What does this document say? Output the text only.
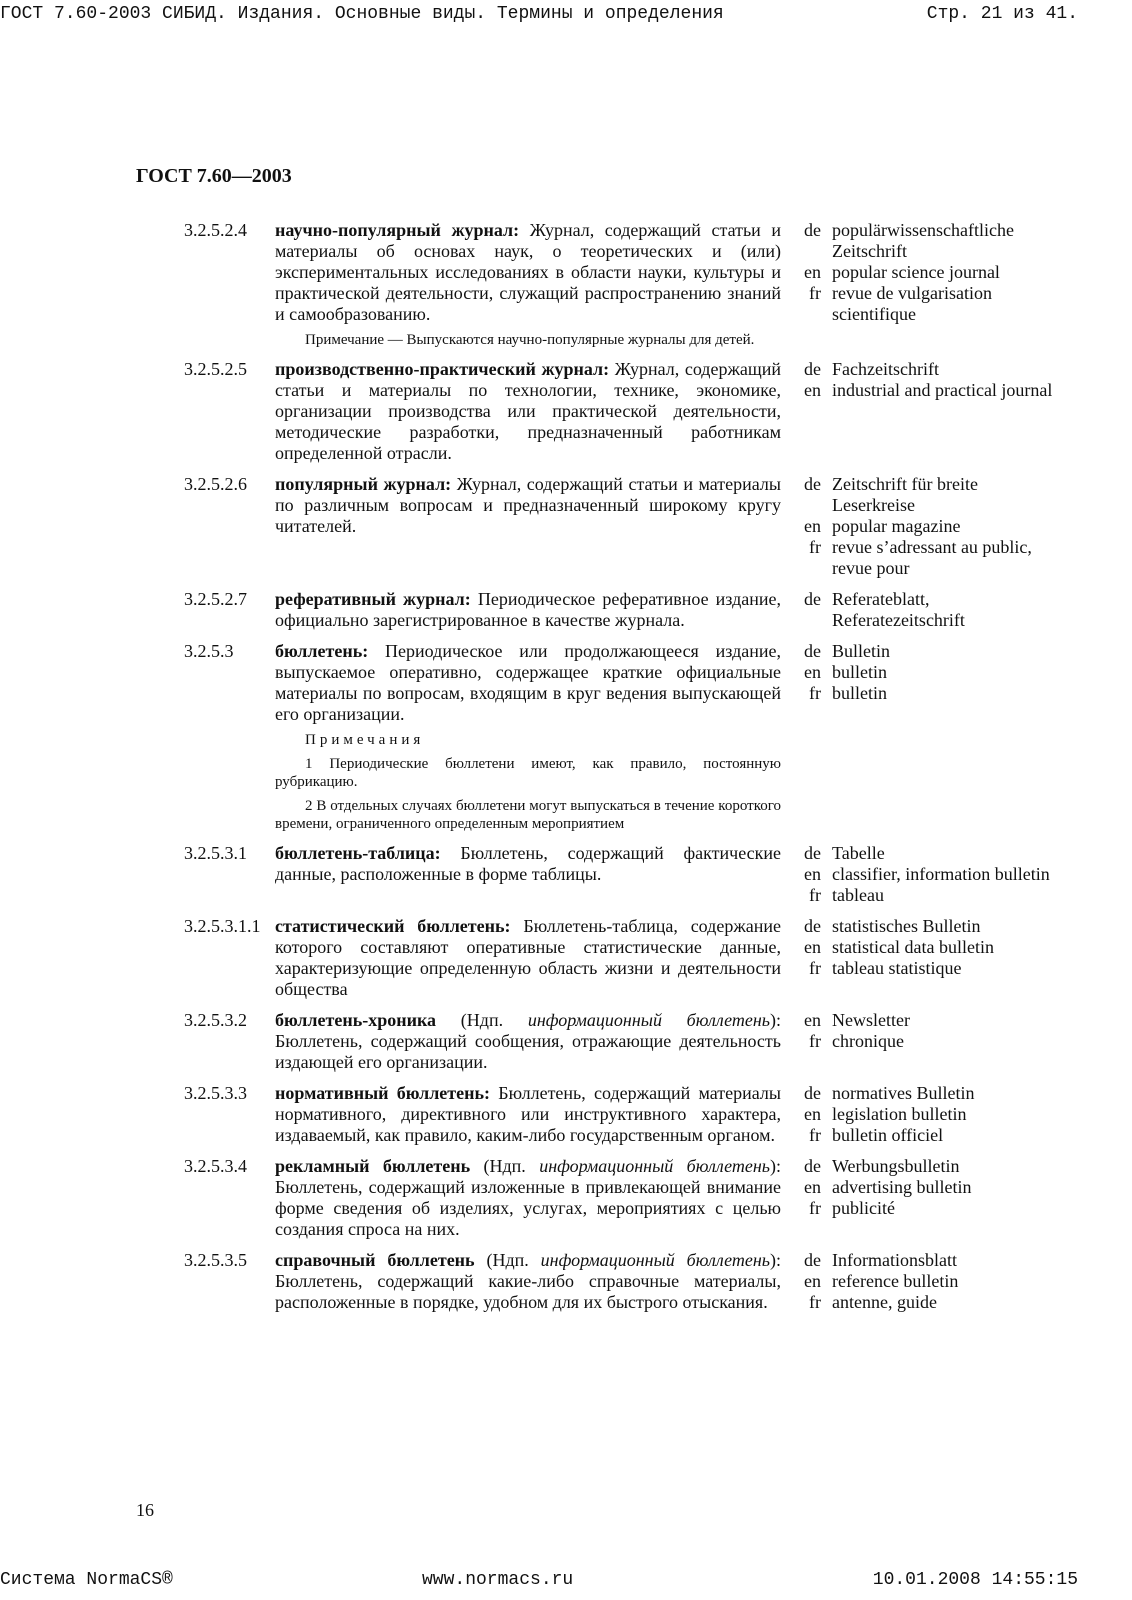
ГОСТ 7.60-2003 СИБИД. Издания. Основные виды. Термины и определения	Стр. 21 из 41.
ГОСТ 7.60—2003
3.2.5.2.4 научно-популярный журнал: Журнал, содержащий статьи и материалы об основах наук, о теоретических и (или) экспериментальных исследованиях в области науки, культуры и практической деятельности, служащий распространению знаний и самообразованию.
de populärwissenschaftliche Zeitschrift
en popular science journal
fr revue de vulgarisation scientifique

Примечание — Выпускаются научно-популярные журналы для детей.

3.2.5.2.5 производственно-практический журнал: Журнал, содержащий статьи и материалы по технологии, технике, экономике, организации производства или практической деятельности, методические разработки, предназначенный работникам определенной отрасли.
de Fachzeitschrift
en industrial and practical journal
3.2.5.2.6 популярный журнал: Журнал, содержащий статьи и материалы по различным вопросам и предназначенный широкому кругу читателей.
de Zeitschrift für breite Leserkreise
en popular magazine
fr revue s’adressant au public, revue pour
3.2.5.2.7 реферативный журнал: Периодическое реферативное издание, официально зарегистрированное в качестве журнала.
de Referateblatt, Referatezeitschrift
3.2.5.3 бюллетень: Периодическое или продолжающееся издание, выпускаемое оперативно, содержащее краткие официальные материалы по вопросам, входящим в круг ведения выпускающей его организации.
de Bulletin
en bulletin
fr bulletin

Примечания

1 Периодические бюллетени имеют, как правило, постоянную рубрикацию.

2 В отдельных случаях бюллетени могут выпускаться в течение короткого времени, ограниченного определенным мероприятием

3.2.5.3.1 бюллетень-таблица: Бюллетень, содержащий фактические данные, расположенные в форме таблицы.
de Tabelle
en classifier, information bulletin
fr tableau
3.2.5.3.1.1 статистический бюллетень: Бюллетень-таблица, содержание которого составляют оперативные статистические данные, характеризующие определенную область жизни и деятельности общества
de statistisches Bulletin
en statistical data bulletin
fr tableau statistique
3.2.5.3.2 бюллетень-хроника (Ндп. информационный бюллетень): Бюллетень, содержащий сообщения, отражающие деятельность издающей его организации.
en Newsletter
fr chronique
3.2.5.3.3 нормативный бюллетень: Бюллетень, содержащий материалы нормативного, директивного или инструктивного характера, издаваемый, как правило, каким-либо государственным органом.
de normatives Bulletin
en legislation bulletin
fr bulletin officiel
3.2.5.3.4 рекламный бюллетень (Ндп. информационный бюллетень): Бюллетень, содержащий изложенные в привлекающей внимание форме сведения об изделиях, услугах, мероприятиях с целью создания спроса на них.
de Werbungsbulletin
en advertising bulletin
fr publicité
3.2.5.3.5 справочный бюллетень (Ндп. информационный бюллетень): Бюллетень, содержащий какие-либо справочные материалы, расположенные в порядке, удобном для их быстрого отыскания.
de Informationsblatt
en reference bulletin
fr antenne, guide
16
Система NormaCS®	www.normacs.ru	10.01.2008 14:55:15
